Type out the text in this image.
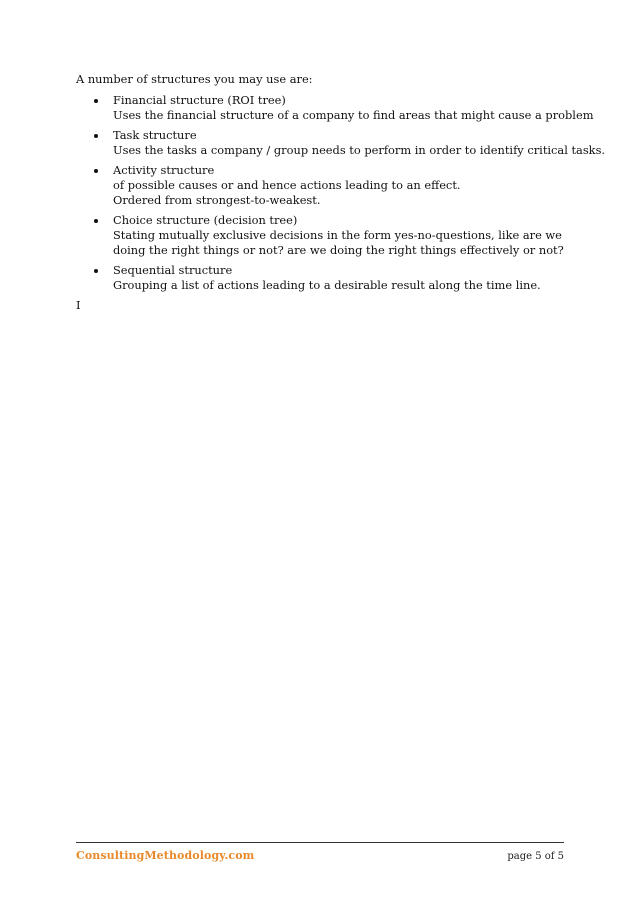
A number of structures you may use are:

Financial structure (ROI tree)
Uses the financial structure of a company to find areas that might cause a problem
Task structure
Uses the tasks a company / group needs to perform in order to identify critical tasks.
Activity structure
of possible causes or and hence actions leading to an effect.
Ordered from strongest-to-weakest.
Choice structure (decision tree)
Stating mutually exclusive decisions in the form yes-no-questions, like are we doing the right things or not? are we doing the right things effectively or not?
Sequential structure
Grouping a list of actions leading to a desirable result along the time line.
I
ConsultingMethodology.com	page 5 of 5
